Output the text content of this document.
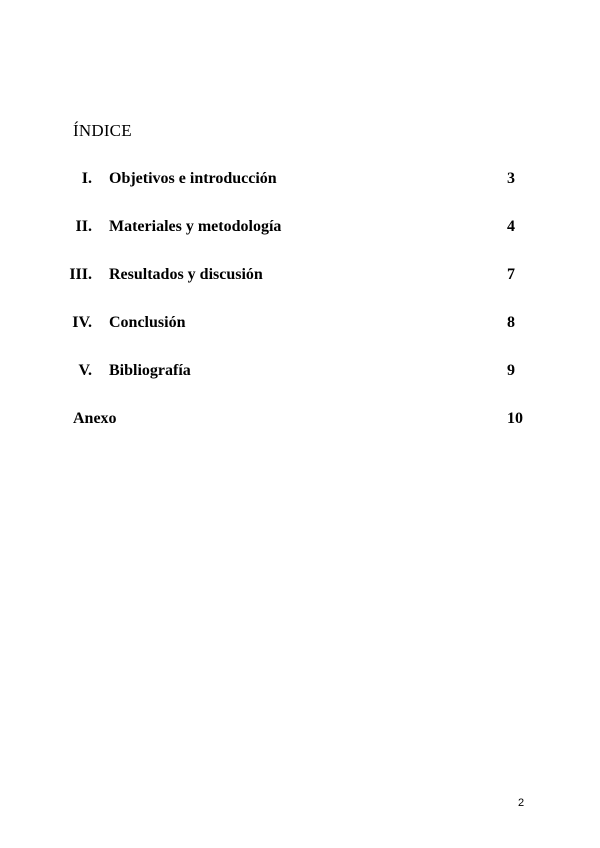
ÍNDICE
I. Objetivos e introducción	3
II. Materiales y metodología	4
III. Resultados y discusión	7
IV. Conclusión	8
V. Bibliografía	9
Anexo	10
2
